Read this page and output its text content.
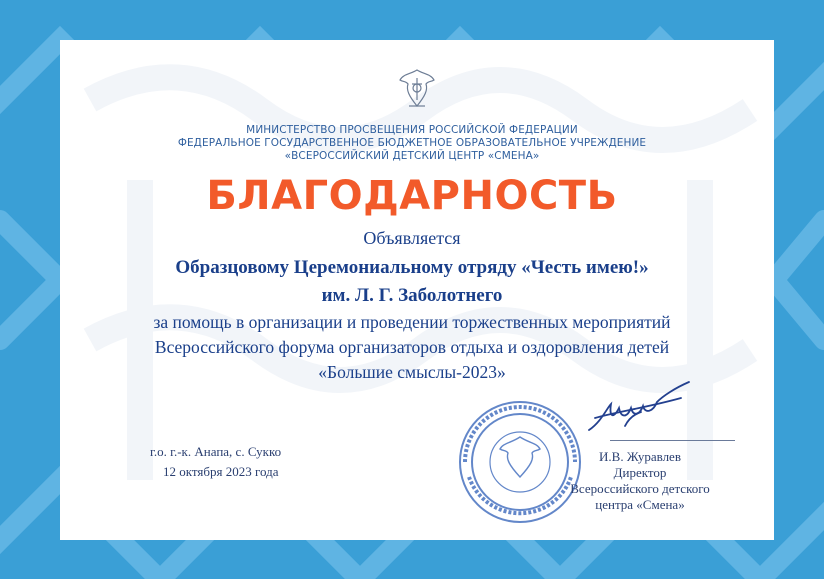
МИНИСТЕРСТВО ПРОСВЕЩЕНИЯ РОССИЙСКОЙ ФЕДЕРАЦИИ
ФЕДЕРАЛЬНОЕ ГОСУДАРСТВЕННОЕ БЮДЖЕТНОЕ ОБРАЗОВАТЕЛЬНОЕ УЧРЕЖДЕНИЕ
«ВСЕРОССИЙСКИЙ ДЕТСКИЙ ЦЕНТР «СМЕНА»
БЛАГОДАРНОСТЬ
Объявляется
Образцовому Церемониальному отряду «Честь имею!»
им. Л. Г. Заболотнего
за помощь в организации и проведении торжественных мероприятий
Всероссийского форума организаторов отдыха и оздоровления детей
«Большие смыслы-2023»
г.о. г.-к. Анапа, с. Сукко
12 октября 2023 года
И.В. Журавлев
Директор
Всероссийского детского
центра «Смена»
